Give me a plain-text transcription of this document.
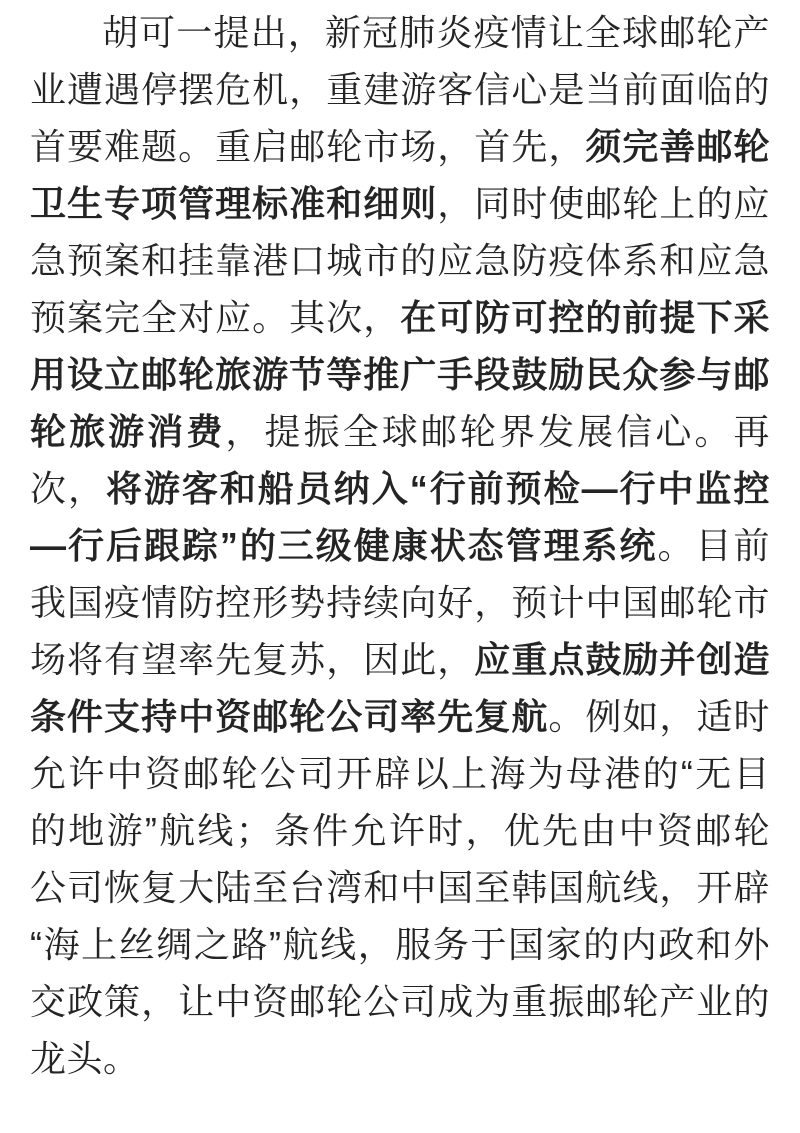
胡可一提出，新冠肺炎疫情让全球邮轮产业遭遇停摆危机，重建游客信心是当前面临的首要难题。重启邮轮市场，首先，须完善邮轮卫生专项管理标准和细则，同时使邮轮上的应急预案和挂靠港口城市的应急防疫体系和应急预案完全对应。其次，在可防可控的前提下采用设立邮轮旅游节等推广手段鼓励民众参与邮轮旅游消费，提振全球邮轮界发展信心。再次，将游客和船员纳入“行前预检—行中监控—行后跟踪”的三级健康状态管理系统。目前我国疫情防控形势持续向好，预计中国邮轮市场将有望率先复苏，因此，应重点鼓励并创造条件支持中资邮轮公司率先复航。例如，适时允许中资邮轮公司开辟以上海为母港的“无目的地游”航线；条件允许时，优先由中资邮轮公司恢复大陆至台湾和中国至韩国航线，开辟“海上丝绸之路”航线，服务于国家的内政和外交政策，让中资邮轮公司成为重振邮轮产业的龙头。
